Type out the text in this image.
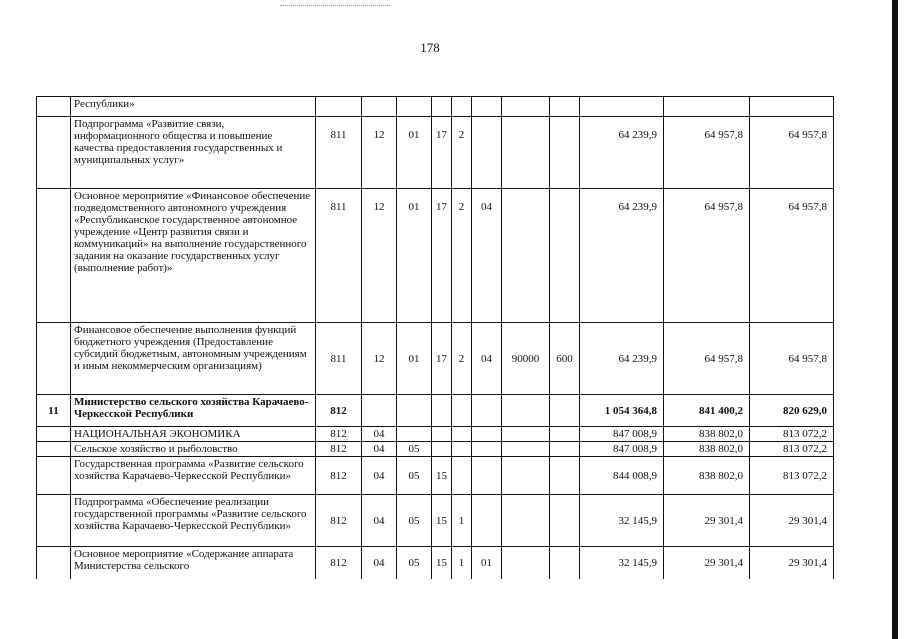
178
	Республики»											
	Подпрограмма «Развитие связи, информационного общества и повышение качества предоставления государственных и муниципальных услуг»	811	12	01	17	2				64 239,9	64 957,8	64 957,8
	Основное мероприятие «Финансовое обеспечение подведомственного автономного учреждения «Республиканское государственное автономное учреждение «Центр развития связи и коммуникаций» на выполнение государственного задания на оказание государственных услуг (выполнение работ)»	811	12	01	17	2	04			64 239,9	64 957,8	64 957,8
	Финансовое обеспечение выполнения функций бюджетного учреждения (Предоставление субсидий бюджетным, автономным учреждениям и иным некоммерческим организациям)	811	12	01	17	2	04	90000	600	64 239,9	64 957,8	64 957,8
11	Министерство сельского хозяйства Карачаево-Черкесской Республики	812								1 054 364,8	841 400,2	820 629,0
	НАЦИОНАЛЬНАЯ ЭКОНОМИКА	812	04							847 008,9	838 802,0	813 072,2
	Сельское хозяйство и рыболовство	812	04	05						847 008,9	838 802,0	813 072,2
	Государственная программа «Развитие сельского хозяйства Карачаево-Черкесской Республики»	812	04	05	15					844 008,9	838 802,0	813 072,2
	Подпрограмма «Обеспечение реализации государственной программы «Развитие сельского хозяйства Карачаево-Черкесской Республики»	812	04	05	15	1				32 145,9	29 301,4	29 301,4
	Основное мероприятие «Содержание аппарата Министерства сельского	812	04	05	15	1	01			32 145,9	29 301,4	29 301,4
